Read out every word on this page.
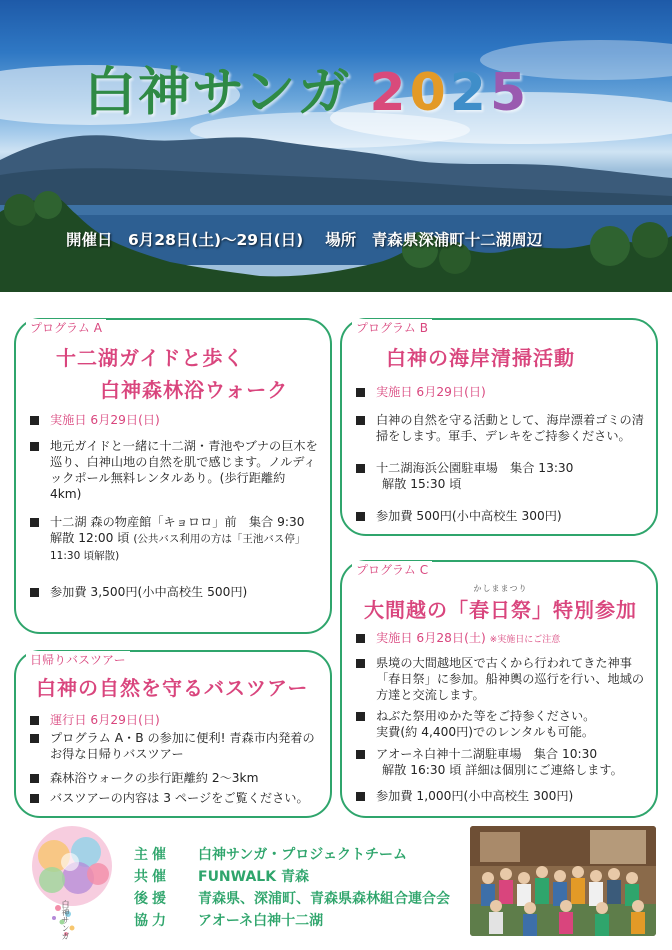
白神サンガ 2025
開催日　6月28日(土)～29日(日) 場所　青森県深浦町十二湖周辺
プログラム A
十二湖ガイドと歩く
白神森林浴ウォーク
実施日 6月29日(日)
地元ガイドと一緒に十二湖・青池やブナの巨木を巡り、白神山地の自然を肌で感じます。ノルディックポール無料レンタルあり。(歩行距離約 4km)
十二湖 森の物産館「キョロロ」前　集合 9:30
解散 12:00 頃 (公共バス利用の方は「王池バス停」11:30 頃解散)
参加費 3,500円(小中高校生 500円)
プログラム B
白神の海岸清掃活動
実施日 6月29日(日)
白神の自然を守る活動として、海岸漂着ゴミの清掃をします。軍手、デレキをご持参ください。
十二湖海浜公園駐車場　集合 13:30
解散 15:30 頃
参加費 500円(小中高校生 300円)
プログラム C
大間越の
かしままつり
「春日祭」特別参加
実施日 6月28日(土) ※実施日にご注意
県境の大間越地区で古くから行われてきた神事「春日祭」に参加。船神輿の巡行を行い、地域の方達と交流します。
ねぶた祭用ゆかた等をご持参ください。
実費(約 4,400円)でのレンタルも可能。
アオーネ白神十二湖駐車場　集合 10:30
解散 16:30 頃 詳細は個別にご連絡します。
参加費 1,000円(小中高校生 300円)
日帰りバスツアー
白神の自然を守るバスツアー
運行日 6月29日(日)
プログラム A・B の参加に便利! 青森市内発着のお得な日帰りバスツアー
森林浴ウォークの歩行距離約 2～3km
バスツアーの内容は 3 ページをご覧ください。
白神サンガ
主催 白神サンガ・プロジェクトチーム
共催 FUNWALK 青森
後援 青森県、深浦町、青森県森林組合連合会
協力 アオーネ白神十二湖
